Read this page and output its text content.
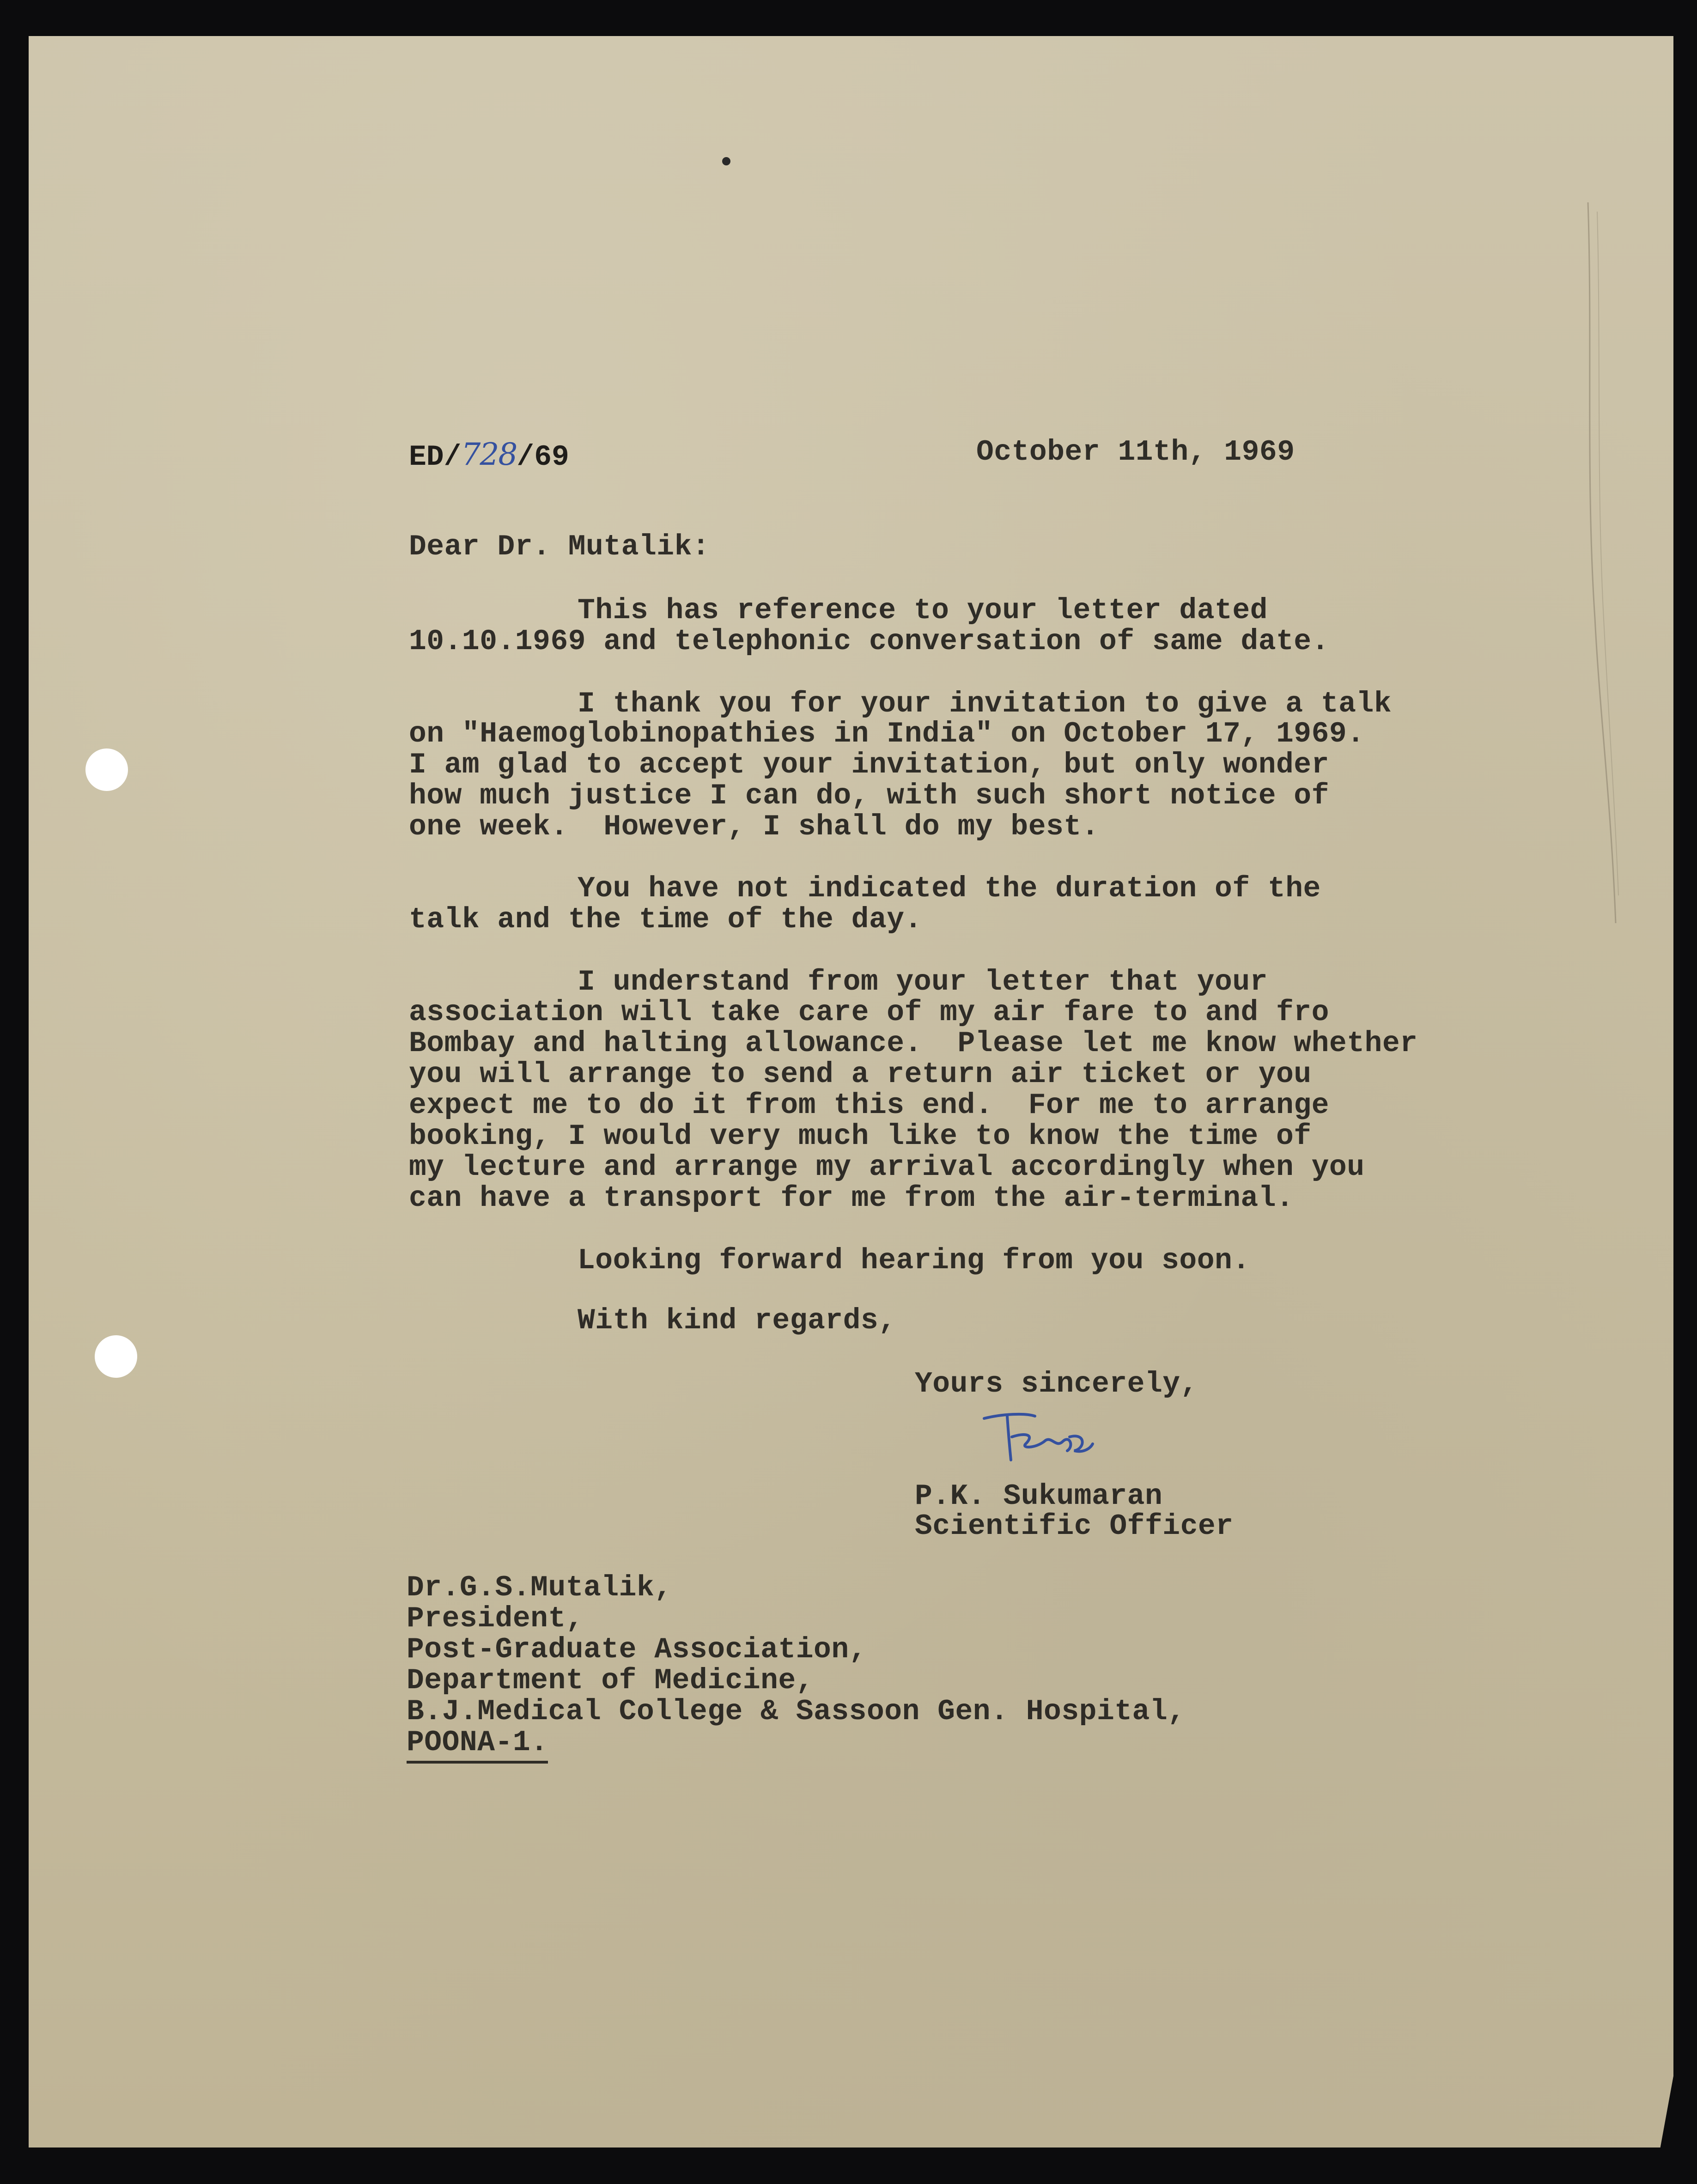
ED/728/69	October 11th, 1969
Dear Dr. Mutalik:
This has reference to your letter dated
10.10.1969 and telephonic conversation of same date.
I thank you for your invitation to give a talk
on "Haemoglobinopathies in India" on October 17, 1969.
I am glad to accept your invitation, but only wonder
how much justice I can do, with such short notice of
one week.  However, I shall do my best.
You have not indicated the duration of the
talk and the time of the day.
I understand from your letter that your
association will take care of my air fare to and fro
Bombay and halting allowance.  Please let me know whether
you will arrange to send a return air ticket or you
expect me to do it from this end.  For me to arrange
booking, I would very much like to know the time of
my lecture and arrange my arrival accordingly when you
can have a transport for me from the air-terminal.
Looking forward hearing from you soon.
With kind regards,
Yours sincerely,
P.K. Sukumaran
Scientific Officer
Dr.G.S.Mutalik,
President,
Post-Graduate Association,
Department of Medicine,
B.J.Medical College & Sassoon Gen. Hospital,
POONA-1.
